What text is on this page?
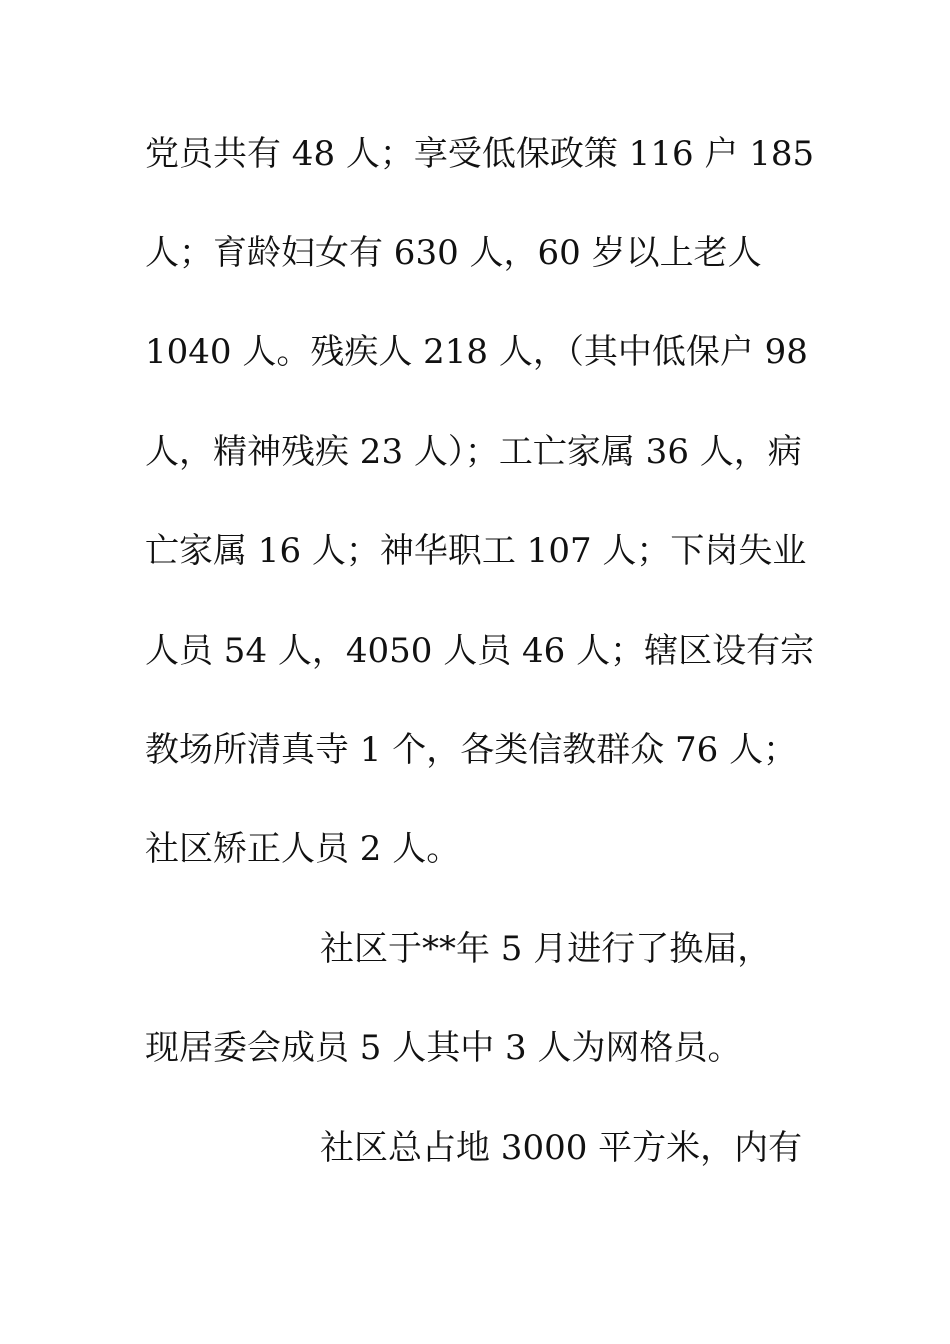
党员共有 48 人；享受低保政策 116 户 185
人；育龄妇女有 630 人，60 岁以上老人
1040 人。残疾人 218 人，（其中低保户 98
人，精神残疾 23 人）；工亡家属 36 人，病
亡家属 16 人；神华职工 107 人；下岗失业
人员 54 人，4050 人员 46 人；辖区设有宗
教场所清真寺 1 个，各类信教群众 76 人；
社区矫正人员 2 人。
社区于**年 5 月进行了换届，
现居委会成员 5 人其中 3 人为网格员。
社区总占地 3000 平方米，内有
